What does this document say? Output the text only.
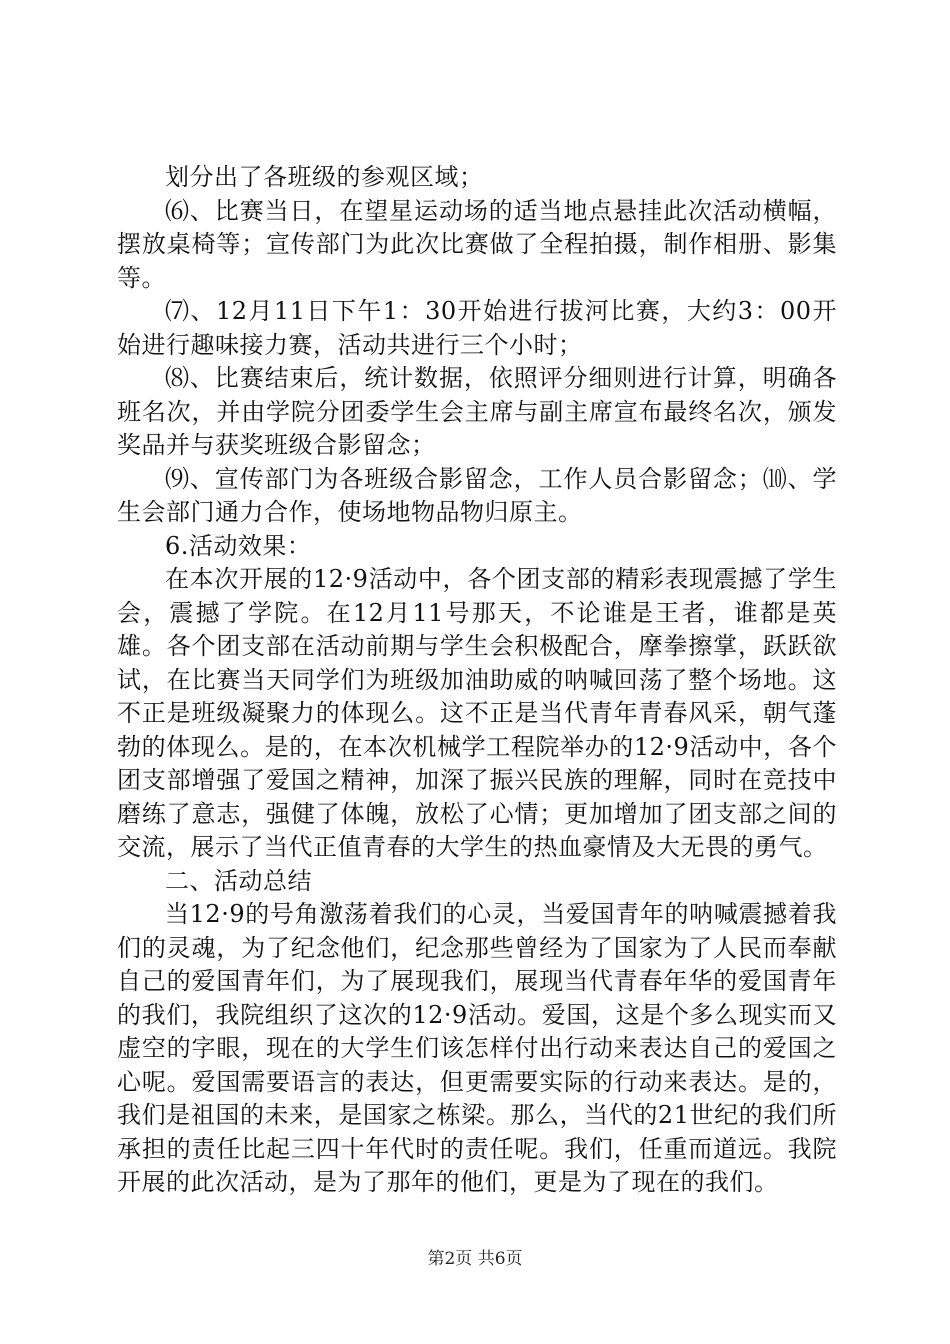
划分出了各班级的参观区域；

⑹、比赛当日，在望星运动场的适当地点悬挂此次活动横幅，摆放桌椅等；宣传部门为此次比赛做了全程拍摄，制作相册、影集等。

⑺、12月11日下午1：30开始进行拔河比赛，大约3：00开始进行趣味接力赛，活动共进行三个小时；

⑻、比赛结束后，统计数据，依照评分细则进行计算，明确各班名次，并由学院分团委学生会主席与副主席宣布最终名次，颁发奖品并与获奖班级合影留念；

⑼、宣传部门为各班级合影留念，工作人员合影留念；⑽、学生会部门通力合作，使场地物品物归原主。

6.活动效果：

在本次开展的12·9活动中，各个团支部的精彩表现震撼了学生会，震撼了学院。在12月11号那天，不论谁是王者，谁都是英雄。各个团支部在活动前期与学生会积极配合，摩拳擦掌，跃跃欲试，在比赛当天同学们为班级加油助威的呐喊回荡了整个场地。这不正是班级凝聚力的体现么。这不正是当代青年青春风采，朝气蓬勃的体现么。是的，在本次机械学工程院举办的12·9活动中，各个团支部增强了爱国之精神，加深了振兴民族的理解，同时在竞技中磨练了意志，强健了体魄，放松了心情；更加增加了团支部之间的交流，展示了当代正值青春的大学生的热血豪情及大无畏的勇气。

二、活动总结

当12·9的号角激荡着我们的心灵，当爱国青年的呐喊震撼着我们的灵魂，为了纪念他们，纪念那些曾经为了国家为了人民而奉献自己的爱国青年们，为了展现我们，展现当代青春年华的爱国青年的我们，我院组织了这次的12·9活动。爱国，这是个多么现实而又虚空的字眼，现在的大学生们该怎样付出行动来表达自己的爱国之心呢。爱国需要语言的表达，但更需要实际的行动来表达。是的，我们是祖国的未来，是国家之栋梁。那么，当代的21世纪的我们所承担的责任比起三四十年代时的责任呢。我们，任重而道远。我院开展的此次活动，是为了那年的他们，更是为了现在的我们。

第2页 共6页
